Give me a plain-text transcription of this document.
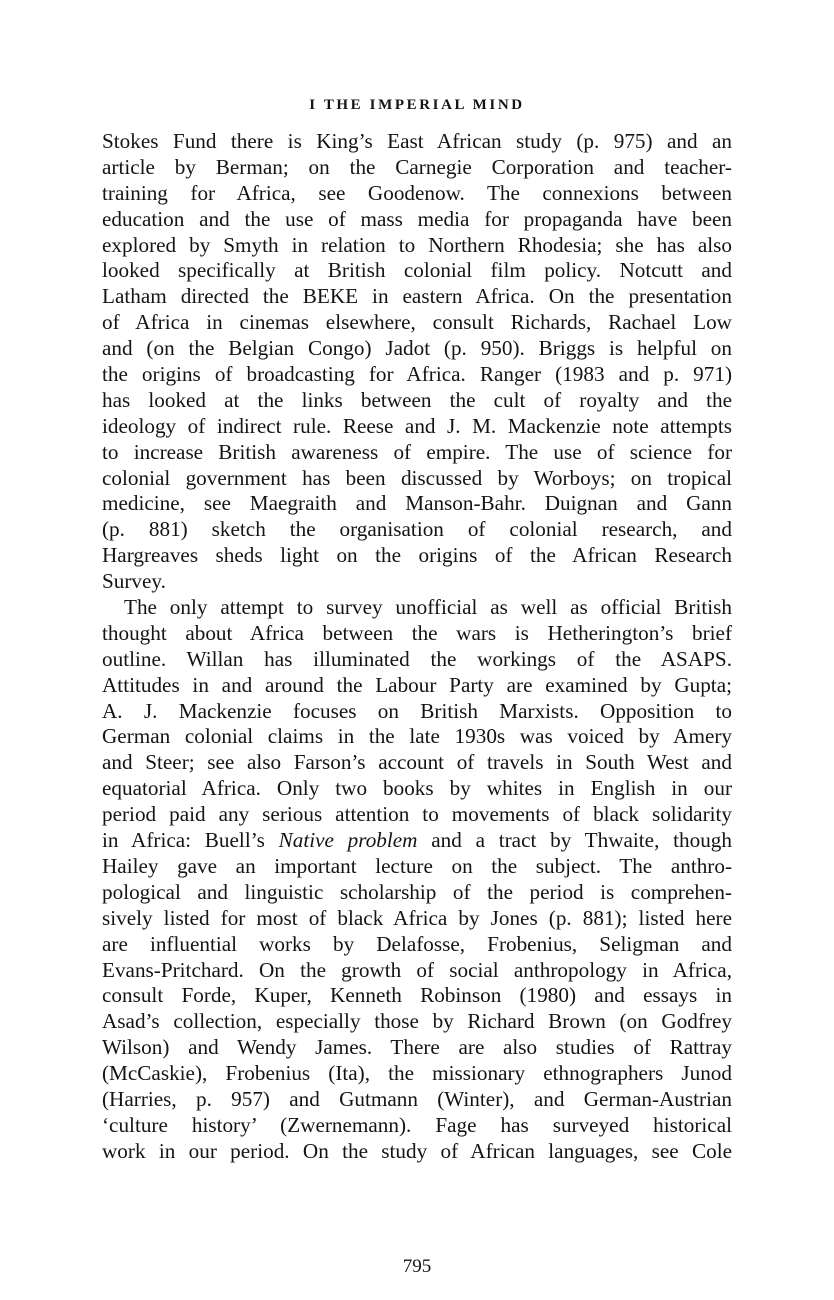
I THE IMPERIAL MIND
Stokes Fund there is King’s East African study (p. 975) and an
article by Berman; on the Carnegie Corporation and teacher-
training for Africa, see Goodenow. The connexions between
education and the use of mass media for propaganda have been
explored by Smyth in relation to Northern Rhodesia; she has also
looked specifically at British colonial film policy. Notcutt and
Latham directed the BEKE in eastern Africa. On the presentation
of Africa in cinemas elsewhere, consult Richards, Rachael Low
and (on the Belgian Congo) Jadot (p. 950). Briggs is helpful on
the origins of broadcasting for Africa. Ranger (1983 and p. 971)
has looked at the links between the cult of royalty and the
ideology of indirect rule. Reese and J. M. Mackenzie note attempts
to increase British awareness of empire. The use of science for
colonial government has been discussed by Worboys; on tropical
medicine, see Maegraith and Manson-Bahr. Duignan and Gann
(p. 881) sketch the organisation of colonial research, and
Hargreaves sheds light on the origins of the African Research
Survey.
The only attempt to survey unofficial as well as official British
thought about Africa between the wars is Hetherington’s brief
outline. Willan has illuminated the workings of the ASAPS.
Attitudes in and around the Labour Party are examined by Gupta;
A. J. Mackenzie focuses on British Marxists. Opposition to
German colonial claims in the late 1930s was voiced by Amery
and Steer; see also Farson’s account of travels in South West and
equatorial Africa. Only two books by whites in English in our
period paid any serious attention to movements of black solidarity
in Africa: Buell’s Native problem and a tract by Thwaite, though
Hailey gave an important lecture on the subject. The anthro-
pological and linguistic scholarship of the period is comprehen-
sively listed for most of black Africa by Jones (p. 881); listed here
are influential works by Delafosse, Frobenius, Seligman and
Evans-Pritchard. On the growth of social anthropology in Africa,
consult Forde, Kuper, Kenneth Robinson (1980) and essays in
Asad’s collection, especially those by Richard Brown (on Godfrey
Wilson) and Wendy James. There are also studies of Rattray
(McCaskie), Frobenius (Ita), the missionary ethnographers Junod
(Harries, p. 957) and Gutmann (Winter), and German-Austrian
‘culture history’ (Zwernemann). Fage has surveyed historical
work in our period. On the study of African languages, see Cole
795
